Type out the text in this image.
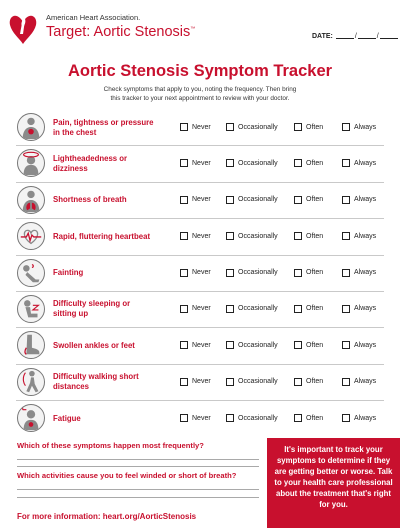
American Heart Association.
Target: Aortic Stenosis™
DATE:	/	/
Aortic Stenosis Symptom Tracker
Check symptoms that apply to you, noting the frequency. Then bring
this tracker to your next appointment to review with your doctor.
Pain, tightness or pressure
in the chest
Never	Occasionally	Often	Always
Lightheadedness or
dizziness
Never	Occasionally	Often	Always
Shortness of breath	Never	Occasionally	Often	Always
Rapid, fluttering heartbeat	Never	Occasionally	Often	Always
Fainting	Never	Occasionally	Often	Always
Difficulty sleeping or
sitting up
Never	Occasionally	Often	Always
Swollen ankles or feet	Never	Occasionally	Often	Always
Difficulty walking short
distances
Never	Occasionally	Often	Always
Fatigue	Never	Occasionally	Often	Always
Which of these symptoms happen most frequently?
Which activities cause you to feel winded or short of breath?
For more information: heart.org/AorticStenosis
It's important to track your symptoms to determine if they are getting better or worse. Talk to your health care professional about the treatment that's right for you.
